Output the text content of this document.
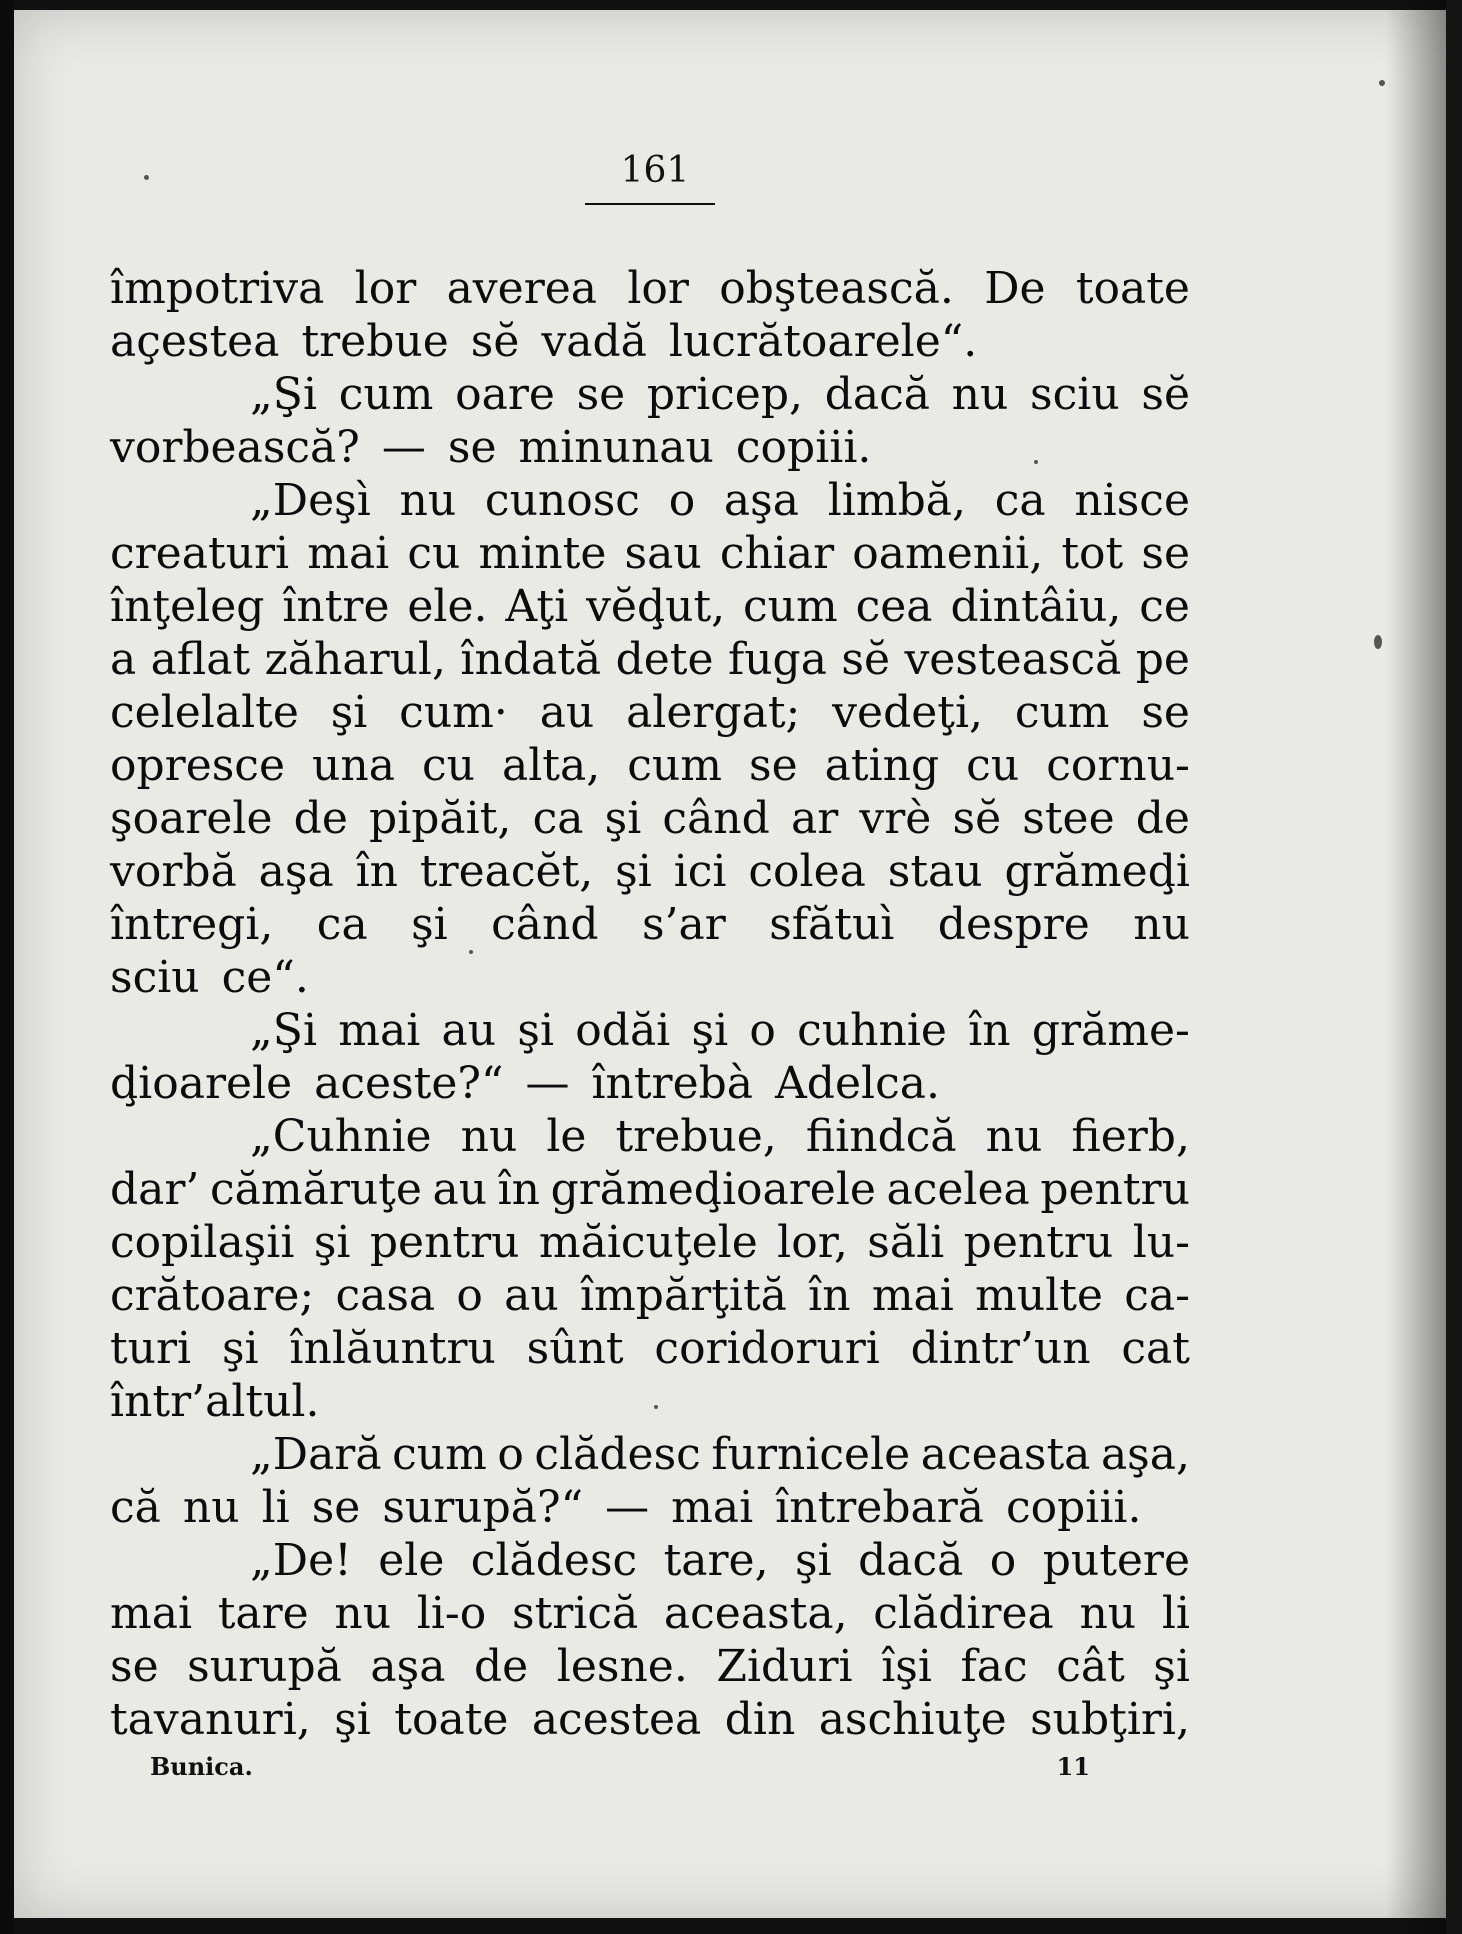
161
împotriva lor averea lor obştească. De toate
açestea trebue sĕ vadă lucrătoarele“.
„Şi cum oare se pricep, dacă nu sciu sĕ
vorbească? — se minunau copiii.
„Deşì nu cunosc o aşa limbă, ca nisce
creaturi mai cu minte sau chiar oamenii, tot se
înţeleg între ele. Aţi vĕḑut, cum cea dintâiu, ce
a aflat zăharul, îndată dete fuga sĕ vestească pe
celelalte şi cum· au alergat; vedeţi, cum se
opresce una cu alta, cum se ating cu cornu-
şoarele de pipăit, ca şi când ar vrè sĕ stee de
vorbă aşa în treacĕt, şi ici colea stau grămeḑi
întregi, ca şi când s’ar sfătuì despre nu
sciu ce“.
„Şi mai au şi odăi şi o cuhnie în grăme-
ḑioarele aceste?“ — întrebà Adelca.
„Cuhnie nu le trebue, fiindcă nu fierb,
dar’ cămăruţe au în grămeḑioarele acelea pentru
copilaşii şi pentru măicuţele lor, săli pentru lu-
crătoare; casa o au împărţită în mai multe ca-
turi şi înlăuntru sûnt coridoruri dintr’un cat
într’altul.
„Dară cum o clădesc furnicele aceasta aşa,
că nu li se surupă?“ — mai întrebară copiii.
„De! ele clădesc tare, şi dacă o putere
mai tare nu li-o strică aceasta, clădirea nu li
se surupă aşa de lesne. Ziduri îşi fac cât şi
tavanuri, şi toate acestea din aschiuţe subţiri,
Bunica.	11
